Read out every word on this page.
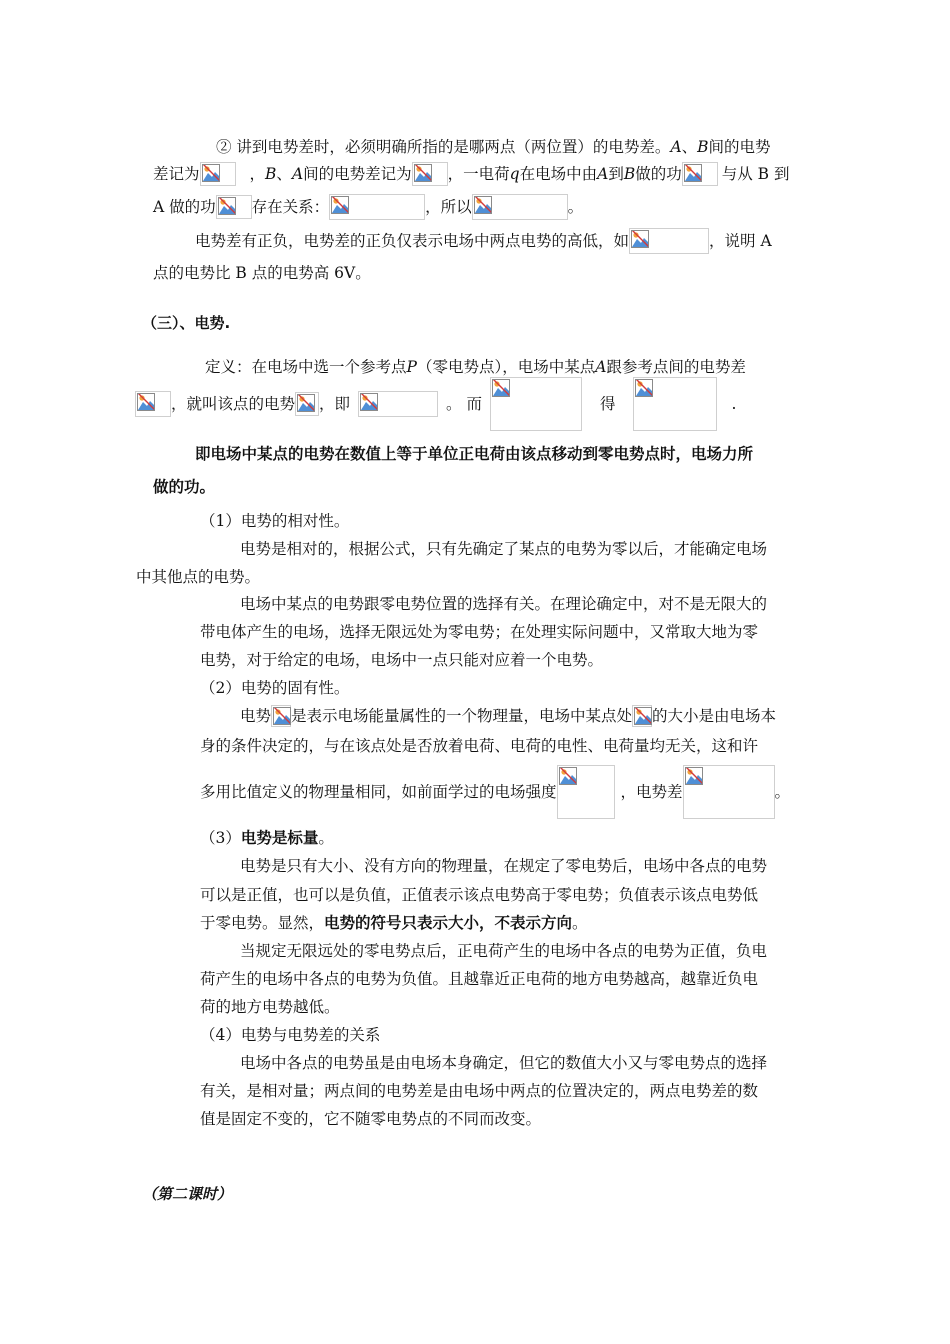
② 讲到电势差时，必须明确所指的是哪两点（两位置）的电势差。 A 、 B 间的电势
差记为	， B 、 A 间的电势差记为 ，一电荷 q 在电场中由 A 到 B 做的功	与从 B 到
A 做的功 存在关系：	，所以	。
电势差有正负，电势差的正负仅表示电场中两点电势的高低，如	，说明 A
点的电势比 B 点的电势高 6V。
（三）、电势.
定义：在电场中选一个参考点 P （零电势点），电场中某点 A 跟参考点间的电势差
，就叫该点的电势 ，即	。 而	得	.
即电场中某点的电势在数值上等于单位正电荷由该点移动到零电势点时，电场力所
做的功。
（1）电势的相对性。
电势是相对的，根据公式，只有先确定了某点的电势为零以后，才能确定电场
中其他点的电势。
电场中某点的电势跟零电势位置的选择有关。在理论确定中，对不是无限大的
带电体产生的电场，选择无限远处为零电势；在处理实际问题中，又常取大地为零
电势，对于给定的电场，电场中一点只能对应着一个电势。
（2）电势的固有性。
电势 是表示电场能量属性的一个物理量，电场中某点处 的大小是由电场本
身的条件决定的，与在该点处是否放着电荷、电荷的电性、电荷量均无关，这和许
多用比值定义的物理量相同，如前面学过的电场强度	，电势差	。
（3） 电势是标量 。
电势是只有大小、没有方向的物理量，在规定了零电势后，电场中各点的电势
可以是正值，也可以是负值，正值表示该点电势高于零电势；负值表示该点电势低
于零电势。显然， 电势的符号只表示大小，不表示方向 。
当规定无限远处的零电势点后，正电荷产生的电场中各点的电势为正值，负电
荷产生的电场中各点的电势为负值。且越靠近正电荷的地方电势越高，越靠近负电
荷的地方电势越低。
（4）电势与电势差的关系
电场中各点的电势虽是由电场本身确定，但它的数值大小又与零电势点的选择
有关，是相对量；两点间的电势差是由电场中两点的位置决定的，两点电势差的数
值是固定不变的，它不随零电势点的不同而改变。
（第二课时）
